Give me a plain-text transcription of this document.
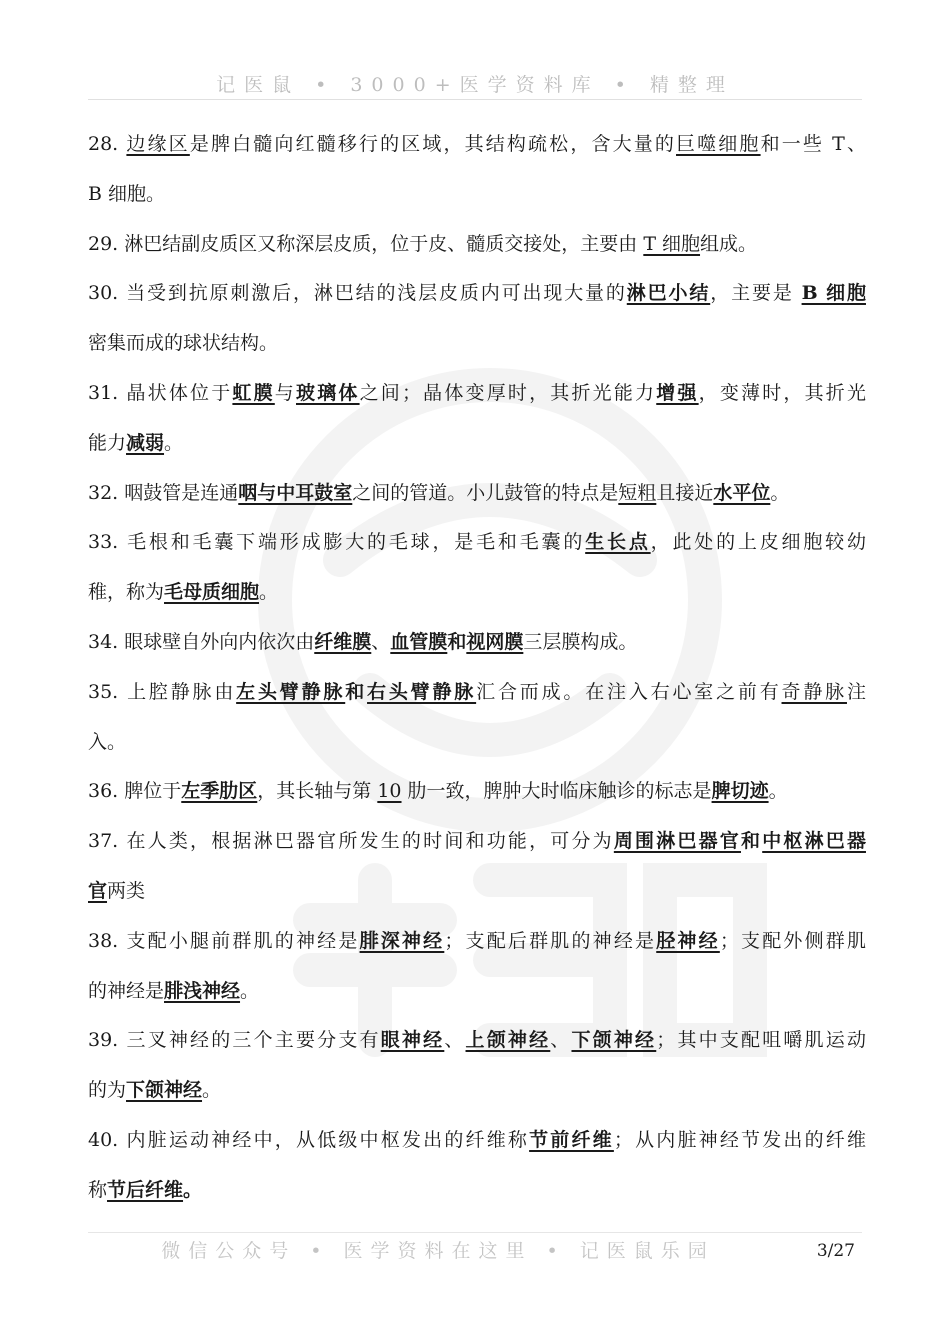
记医鼠 • 3000+医学资料库 • 精整理
28. 边缘区是脾白髓向红髓移行的区域，其结构疏松，含大量的巨噬细胞和一些 T、
B 细胞。
29. 淋巴结副皮质区又称深层皮质，位于皮、髓质交接处，主要由 T 细胞组成。
30. 当受到抗原刺激后，淋巴结的浅层皮质内可出现大量的淋巴小结，主要是 B 细胞
密集而成的球状结构。
31. 晶状体位于虹膜与玻璃体之间；晶体变厚时，其折光能力增强，变薄时，其折光
能力减弱。
32. 咽鼓管是连通咽与中耳鼓室之间的管道。小儿鼓管的特点是短粗且接近水平位。
33. 毛根和毛囊下端形成膨大的毛球，是毛和毛囊的生长点，此处的上皮细胞较幼
稚，称为毛母质细胞。
34. 眼球壁自外向内依次由纤维膜、血管膜和视网膜三层膜构成。
35. 上腔静脉由左头臂静脉和右头臂静脉汇合而成。在注入右心室之前有奇静脉注
入。
36. 脾位于左季肋区，其长轴与第 10 肋一致，脾肿大时临床触诊的标志是脾切迹。
37. 在人类，根据淋巴器官所发生的时间和功能，可分为周围淋巴器官和中枢淋巴器
官两类
38. 支配小腿前群肌的神经是腓深神经；支配后群肌的神经是胫神经；支配外侧群肌
的神经是腓浅神经。
39. 三叉神经的三个主要分支有眼神经、上颌神经、下颌神经；其中支配咀嚼肌运动
的为下颌神经。
40. 内脏运动神经中，从低级中枢发出的纤维称节前纤维；从内脏神经节发出的纤维
称节后纤维。
微信公众号 • 医学资料在这里 • 记医鼠乐园	3/27
